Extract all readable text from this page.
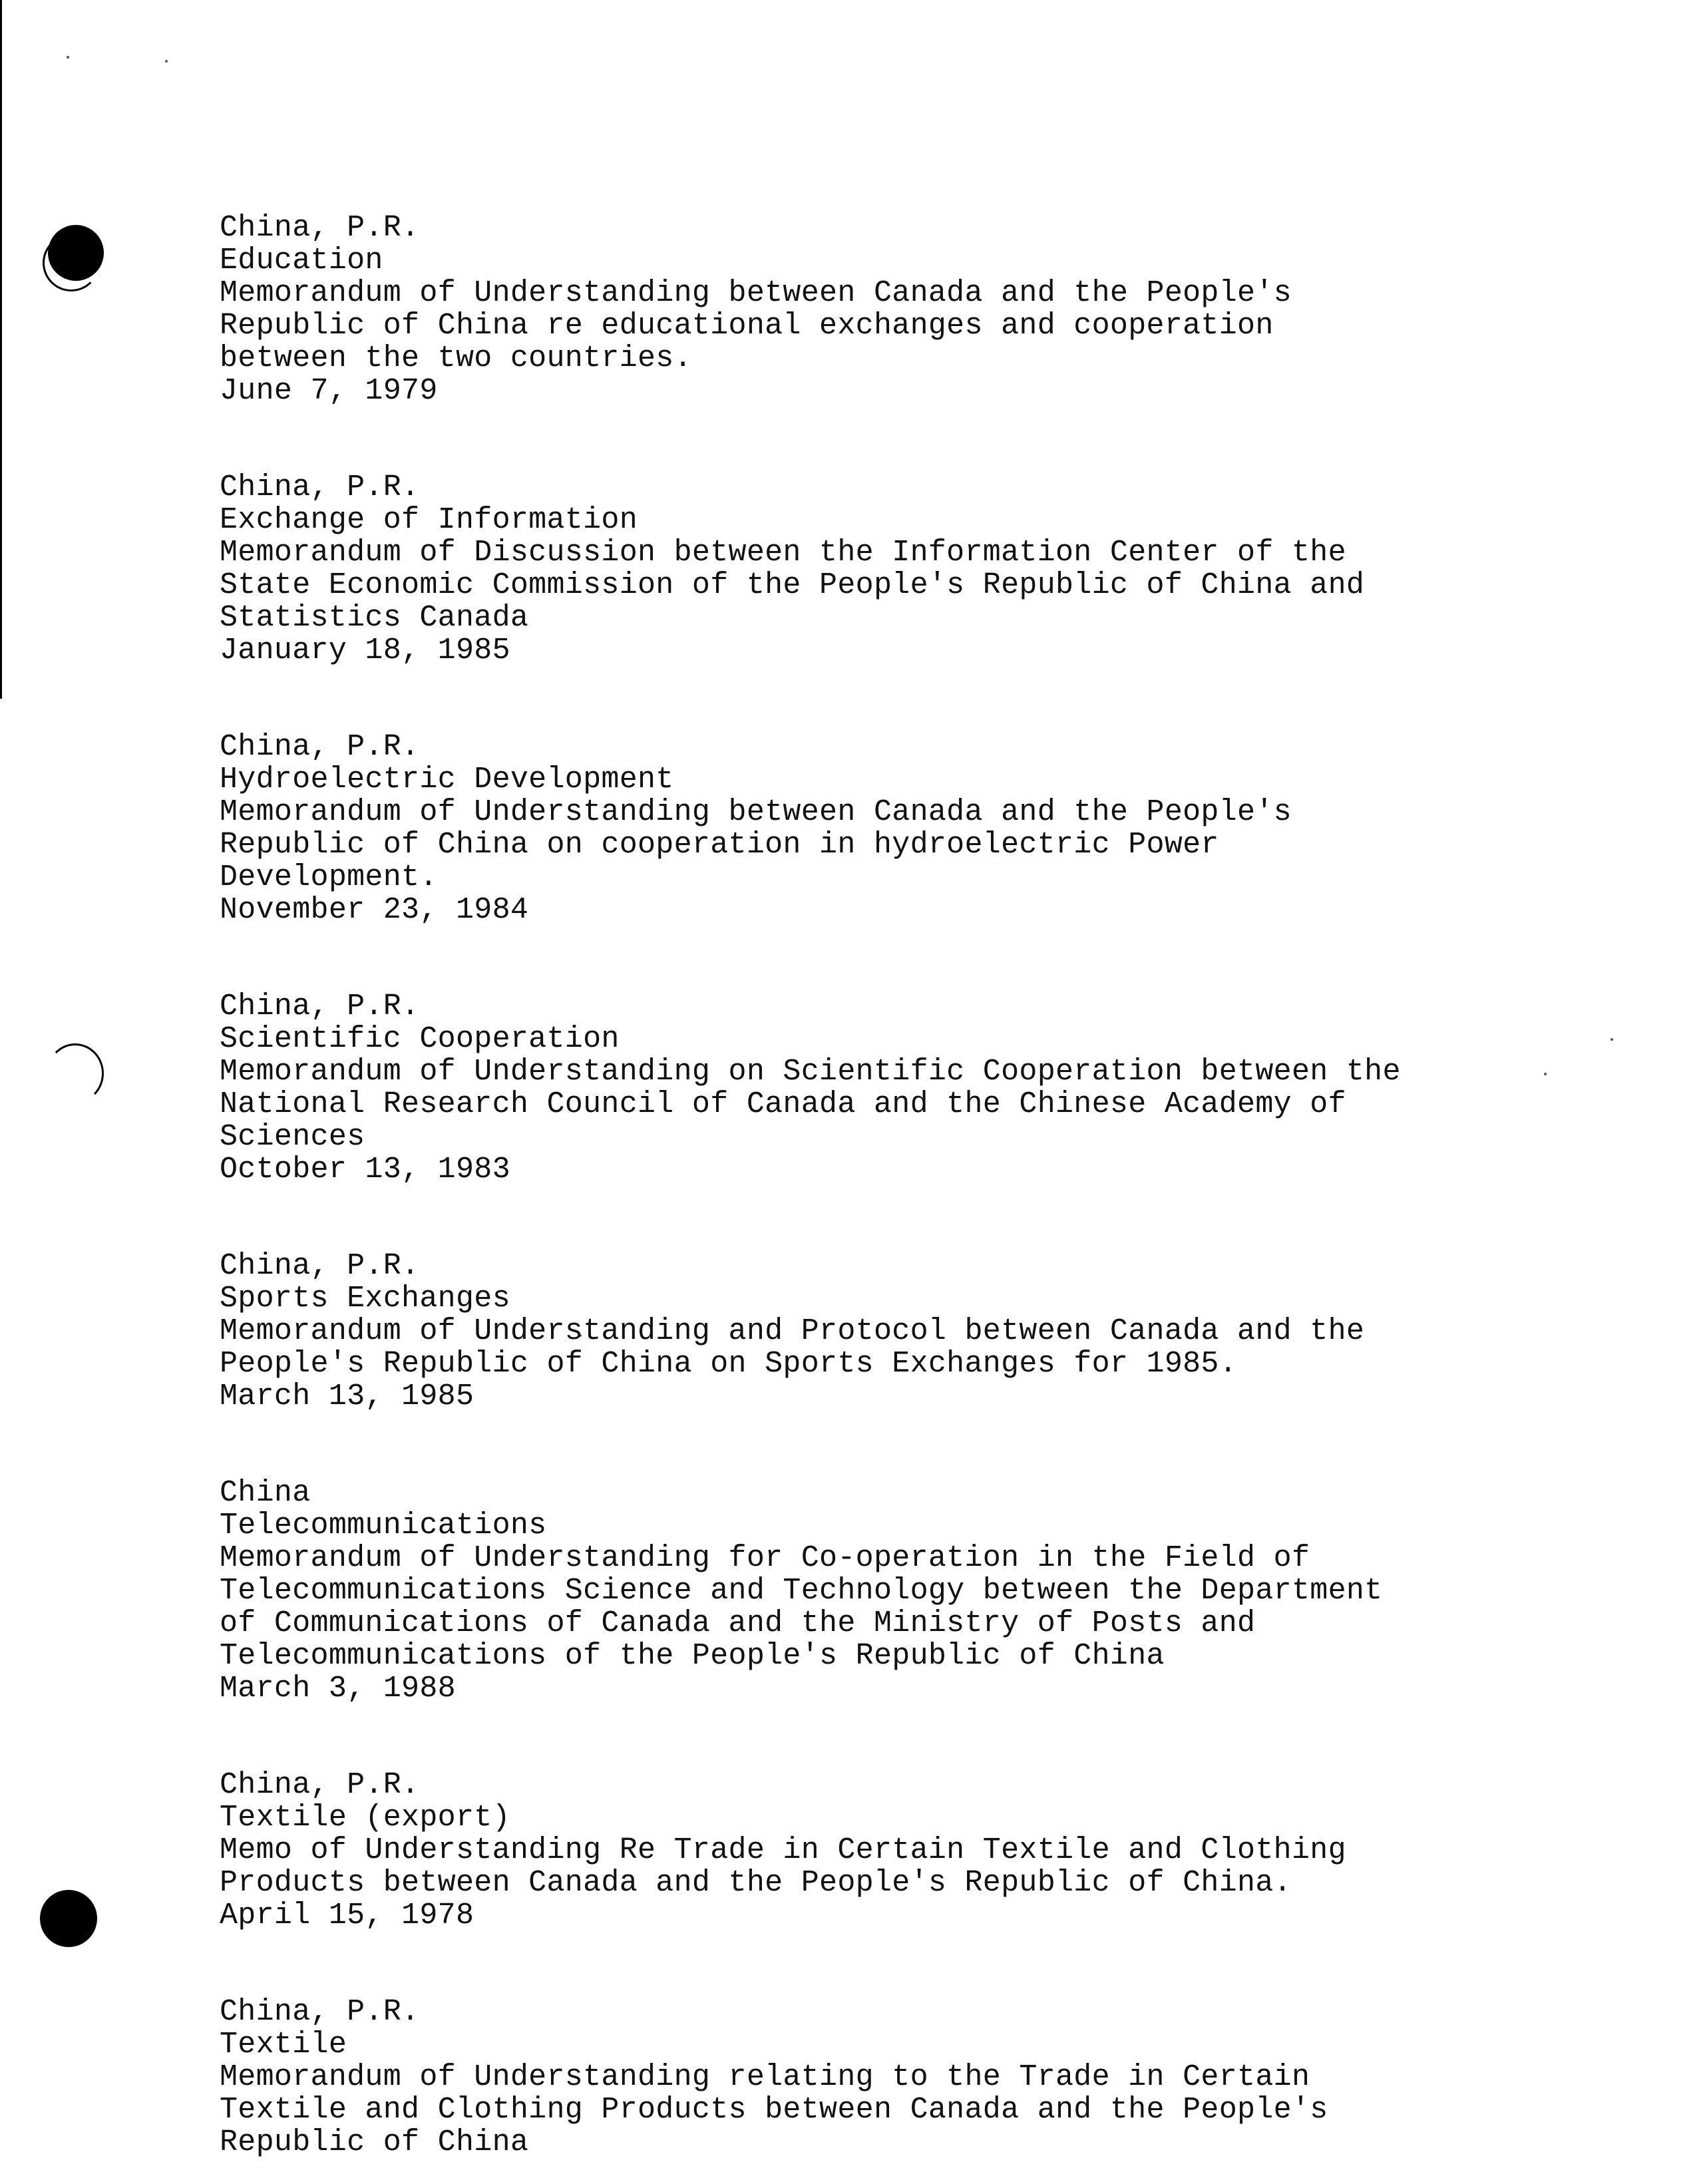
China, P.R.
Education
Memorandum of Understanding between Canada and the People's
Republic of China re educational exchanges and cooperation
between the two countries.
June 7, 1979
China, P.R.
Exchange of Information
Memorandum of Discussion between the Information Center of the
State Economic Commission of the People's Republic of China and
Statistics Canada
January 18, 1985
China, P.R.
Hydroelectric Development
Memorandum of Understanding between Canada and the People's
Republic of China on cooperation in hydroelectric Power
Development.
November 23, 1984
China, P.R.
Scientific Cooperation
Memorandum of Understanding on Scientific Cooperation between the
National Research Council of Canada and the Chinese Academy of
Sciences
October 13, 1983
China, P.R.
Sports Exchanges
Memorandum of Understanding and Protocol between Canada and the
People's Republic of China on Sports Exchanges for 1985.
March 13, 1985
China
Telecommunications
Memorandum of Understanding for Co-operation in the Field of
Telecommunications Science and Technology between the Department
of Communications of Canada and the Ministry of Posts and
Telecommunications of the People's Republic of China
March 3, 1988
China, P.R.
Textile (export)
Memo of Understanding Re Trade in Certain Textile and Clothing
Products between Canada and the People's Republic of China.
April 15, 1978
China, P.R.
Textile
Memorandum of Understanding relating to the Trade in Certain
Textile and Clothing Products between Canada and the People's
Republic of China
